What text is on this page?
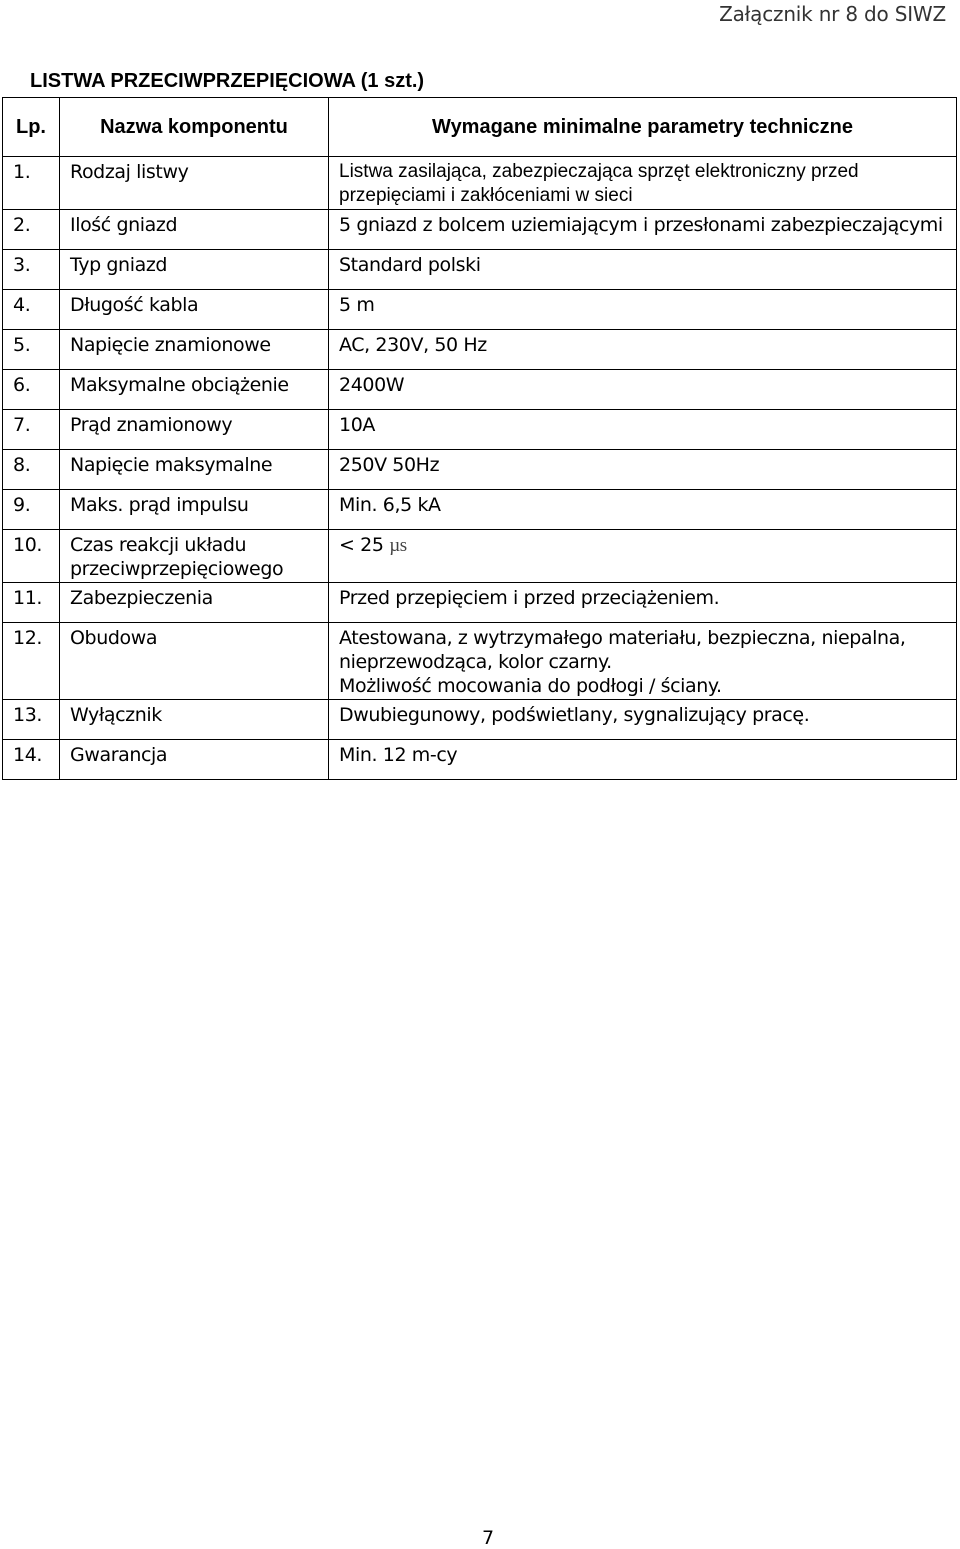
Załącznik nr 8 do SIWZ
LISTWA PRZECIWPRZEPIĘCIOWA (1 szt.)
Lp.	Nazwa komponentu	Wymagane minimalne parametry techniczne
1.	Rodzaj listwy	Listwa zasilająca, zabezpieczająca sprzęt elektroniczny przed przepięciami i zakłóceniami w sieci
2.	Ilość gniazd	5 gniazd z bolcem uziemiającym i przesłonami zabezpieczającymi
3.	Typ gniazd	Standard polski
4.	Długość kabla	5 m
5.	Napięcie znamionowe	AC, 230V, 50 Hz
6.	Maksymalne obciążenie	2400W
7.	Prąd znamionowy	10A
8.	Napięcie maksymalne	250V 50Hz
9.	Maks. prąd impulsu	Min. 6,5 kA
10.	Czas reakcji układu przeciwprzepięciowego	< 25 µs
11.	Zabezpieczenia	Przed przepięciem i przed przeciążeniem.
12.	Obudowa	Atestowana, z wytrzymałego materiału, bezpieczna, niepalna, nieprzewodząca, kolor czarny.
Możliwość mocowania do podłogi / ściany.

13.	Wyłącznik	Dwubiegunowy, podświetlany, sygnalizujący pracę.
14.	Gwarancja	Min. 12 m-cy
7
